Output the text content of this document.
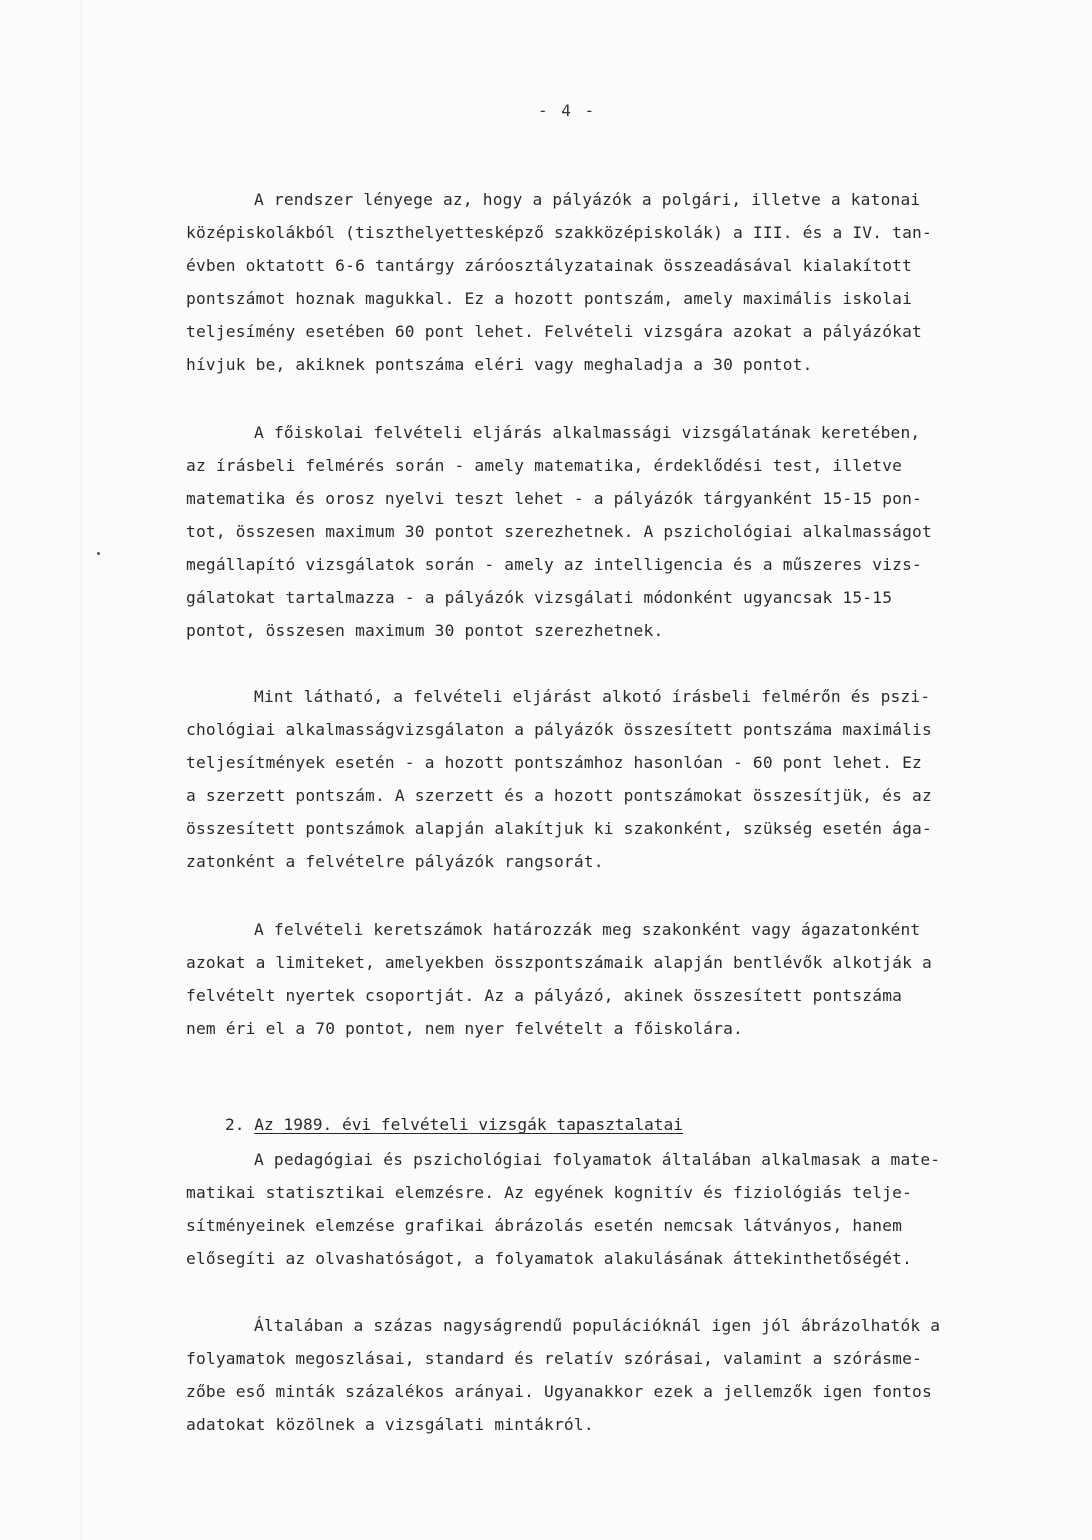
- 4 -
A rendszer lényege az, hogy a pályázók a polgári, illetve a katonai
középiskolákból (tiszthelyettesképző szakközépiskolák) a III. és a IV. tan-
évben oktatott 6-6 tantárgy záróosztályzatainak összeadásával kialakított
pontszámot hoznak magukkal. Ez a hozott pontszám, amely maximális iskolai
teljesímény esetében 60 pont lehet. Felvételi vizsgára azokat a pályázókat
hívjuk be, akiknek pontszáma eléri vagy meghaladja a 30 pontot.
A főiskolai felvételi eljárás alkalmassági vizsgálatának keretében,
az írásbeli felmérés során - amely matematika, érdeklődési test, illetve
matematika és orosz nyelvi teszt lehet - a pályázók tárgyanként 15-15 pon-
tot, összesen maximum 30 pontot szerezhetnek. A pszichológiai alkalmasságot
megállapító vizsgálatok során - amely az intelligencia és a műszeres vizs-
gálatokat tartalmazza - a pályázók vizsgálati módonként ugyancsak 15-15
pontot, összesen maximum 30 pontot szerezhetnek.
Mint látható, a felvételi eljárást alkotó írásbeli felmérőn és pszi-
chológiai alkalmasságvizsgálaton a pályázók összesített pontszáma maximális
teljesítmények esetén - a hozott pontszámhoz hasonlóan - 60 pont lehet. Ez
a szerzett pontszám. A szerzett és a hozott pontszámokat összesítjük, és az
összesített pontszámok alapján alakítjuk ki szakonként, szükség esetén ága-
zatonként a felvételre pályázók rangsorát.
A felvételi keretszámok határozzák meg szakonként vagy ágazatonként
azokat a limiteket, amelyekben összpontszámaik alapján bentlévők alkotják a
felvételt nyertek csoportját. Az a pályázó, akinek összesített pontszáma
nem éri el a 70 pontot, nem nyer felvételt a főiskolára.

2. Az 1989. évi felvételi vizsgák tapasztalatai

A pedagógiai és pszichológiai folyamatok általában alkalmasak a mate-
matikai statisztikai elemzésre. Az egyének kognitív és fiziológiás telje-
sítményeinek elemzése grafikai ábrázolás esetén nemcsak látványos, hanem
elősegíti az olvashatóságot, a folyamatok alakulásának áttekinthetőségét.
Általában a százas nagyságrendű populációknál igen jól ábrázolhatók a
folyamatok megoszlásai, standard és relatív szórásai, valamint a szórásme-
zőbe eső minták százalékos arányai. Ugyanakkor ezek a jellemzők igen fontos
adatokat közölnek a vizsgálati mintákról.
